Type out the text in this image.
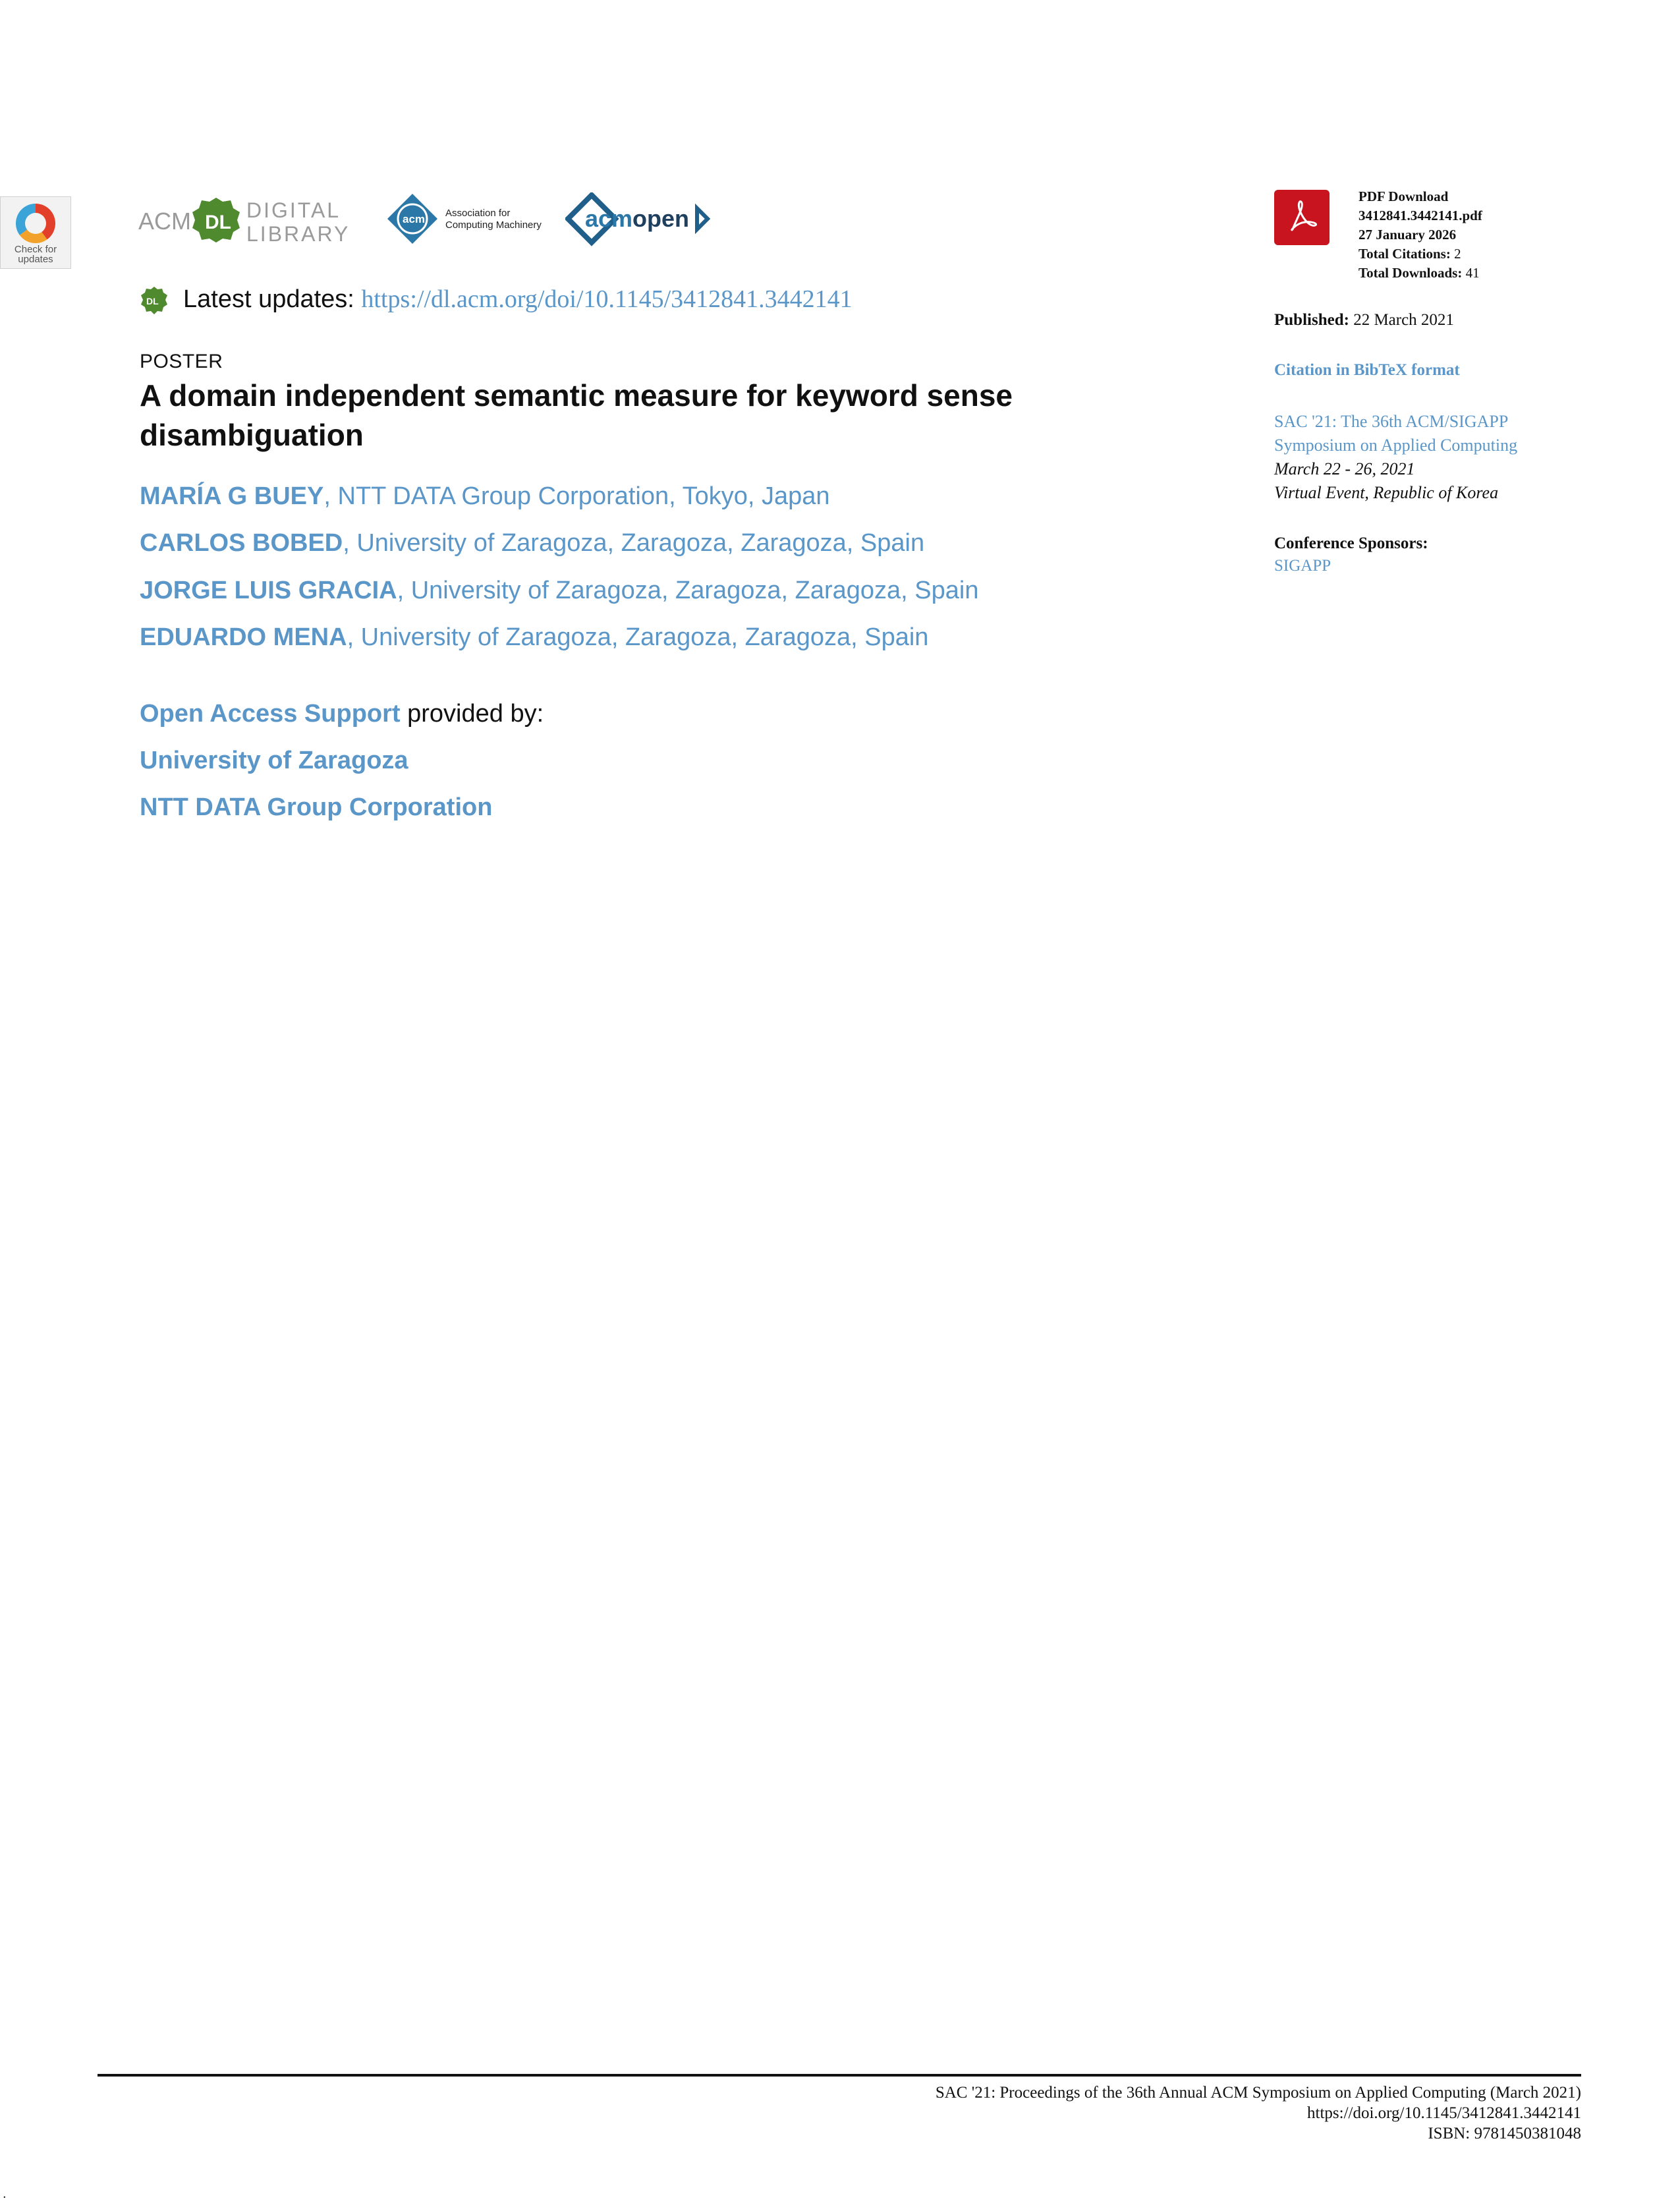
Check for
updates
ACM DL
DIGITAL
LIBRARY
acm Association for
Computing Machinery acm open
DL Latest updates: https://dl.acm.org/doi/10.1145/3412841.3442141
POSTER
A domain independent semantic measure for keyword sense disambiguation
MARÍA G BUEY, NTT DATA Group Corporation, Tokyo, Japan
CARLOS BOBED, University of Zaragoza, Zaragoza, Zaragoza, Spain
JORGE LUIS GRACIA, University of Zaragoza, Zaragoza, Zaragoza, Spain
EDUARDO MENA, University of Zaragoza, Zaragoza, Zaragoza, Spain
Open Access Support provided by:
University of Zaragoza
NTT DATA Group Corporation
PDF Download
3412841.3442141.pdf
27 January 2026
Total Citations: 2
Total Downloads: 41
Published: 22 March 2021
Citation in BibTeX format
SAC '21: The 36th ACM/SIGAPP
Symposium on Applied Computing
March 22 - 26, 2021
Virtual Event, Republic of Korea
Conference Sponsors:
SIGAPP
SAC '21: Proceedings of the 36th Annual ACM Symposium on Applied Computing (March 2021)
https://doi.org/10.1145/3412841.3442141
ISBN: 9781450381048
.
